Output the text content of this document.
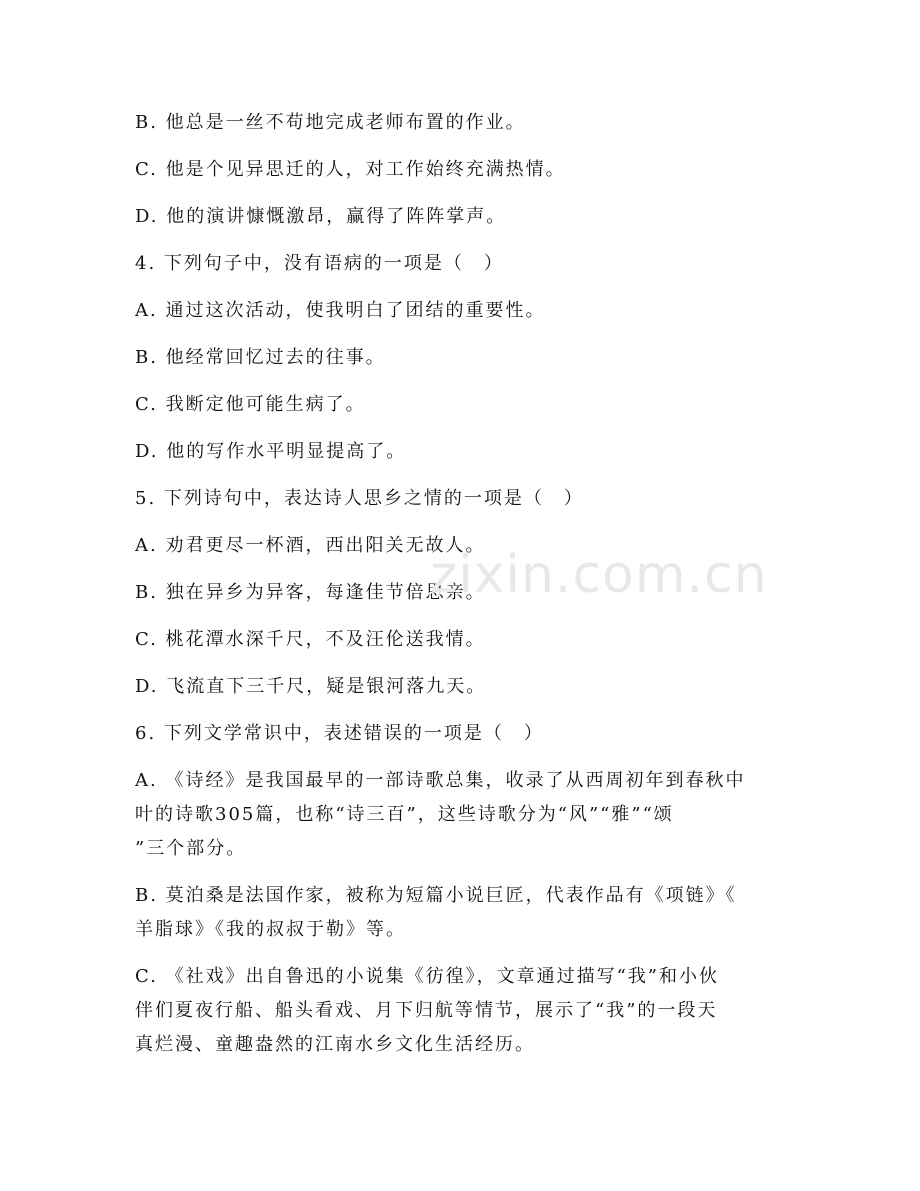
B. 他总是一丝不苟地完成老师布置的作业。

C. 他是个见异思迁的人，对工作始终充满热情。

D. 他的演讲慷慨激昂，赢得了阵阵掌声。

4. 下列句子中，没有语病的一项是（　）

A. 通过这次活动，使我明白了团结的重要性。

B. 他经常回忆过去的往事。

C. 我断定他可能生病了。

D. 他的写作水平明显提高了。

5. 下列诗句中，表达诗人思乡之情的一项是（　）

A. 劝君更尽一杯酒，西出阳关无故人。

B. 独在异乡为异客，每逢佳节倍思亲。

C. 桃花潭水深千尺，不及汪伦送我情。

D. 飞流直下三千尺，疑是银河落九天。

6. 下列文学常识中，表述错误的一项是（　）

A. 《诗经》是我国最早的一部诗歌总集，收录了从西周初年到春秋中

叶的诗歌305篇，也称“诗三百”，这些诗歌分为“风”“雅”“颂

”三个部分。

B. 莫泊桑是法国作家，被称为短篇小说巨匠，代表作品有《项链》《

羊脂球》《我的叔叔于勒》等。

C. 《社戏》出自鲁迅的小说集《彷徨》，文章通过描写“我”和小伙

伴们夏夜行船、船头看戏、月下归航等情节，展示了“我”的一段天

真烂漫、童趣盎然的江南水乡文化生活经历。

zixin.com.cn
